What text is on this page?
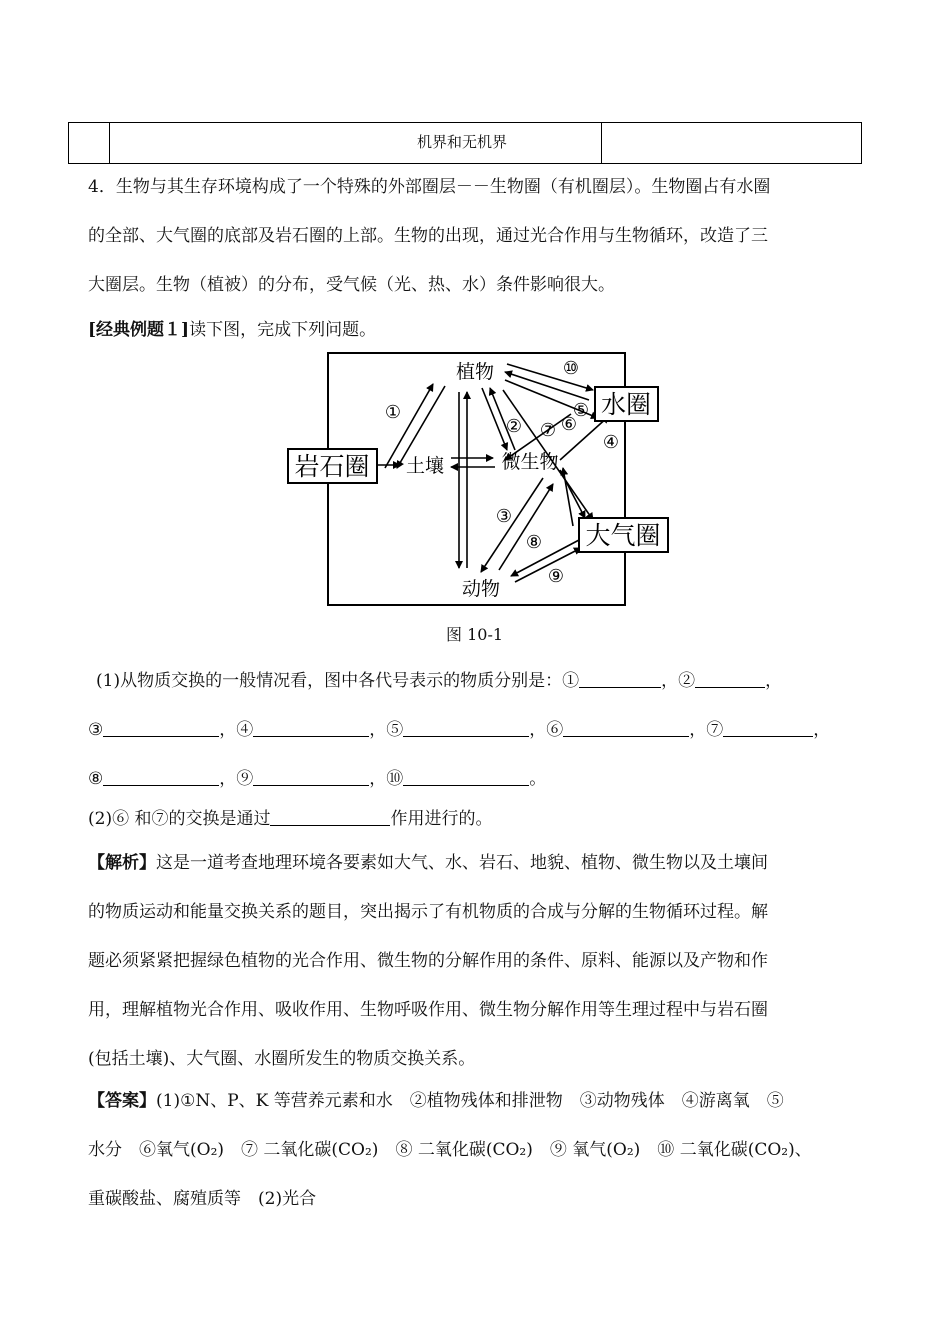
机界和无机界
4．生物与其生存环境构成了一个特殊的外部圈层－－生物圈（有机圈层）。生物圈占有水圈
的全部、大气圈的底部及岩石圈的上部。生物的出现，通过光合作用与生物循环，改造了三
大圈层。生物（植被）的分布，受气候（光、热、水）条件影响很大。
[经典例题１]读下图，完成下列问题。
岩石圈
水圈
大气圈
植物
土壤	微生物
动物
①
②
③
④
⑤
⑥
⑦
⑧
⑨
⑩
图 10-1
(1)从物质交换的一般情况看，图中各代号表示的物质分别是：①	，②	，
③	，④	，⑤	，⑥	，⑦	，
⑧	，⑨	，⑩	。
(2)⑥ 和⑦的交换是通过	作用进行的。
【解析】这是一道考查地理环境各要素如大气、水、岩石、地貌、植物、微生物以及土壤间
的物质运动和能量交换关系的题目，突出揭示了有机物质的合成与分解的生物循环过程。解
题必须紧紧把握绿色植物的光合作用、微生物的分解作用的条件、原料、能源以及产物和作
用，理解植物光合作用、吸收作用、生物呼吸作用、微生物分解作用等生理过程中与岩石圈
(包括土壤)、大气圈、水圈所发生的物质交换关系。
【答案】(1)①N、P、K 等营养元素和水　②植物残体和排泄物　③动物残体　④游离氧　⑤
水分　⑥氧气(O₂)　⑦ 二氧化碳(CO₂)　⑧ 二氧化碳(CO₂)　⑨ 氧气(O₂)　⑩ 二氧化碳(CO₂)、
重碳酸盐、腐殖质等　(2)光合
